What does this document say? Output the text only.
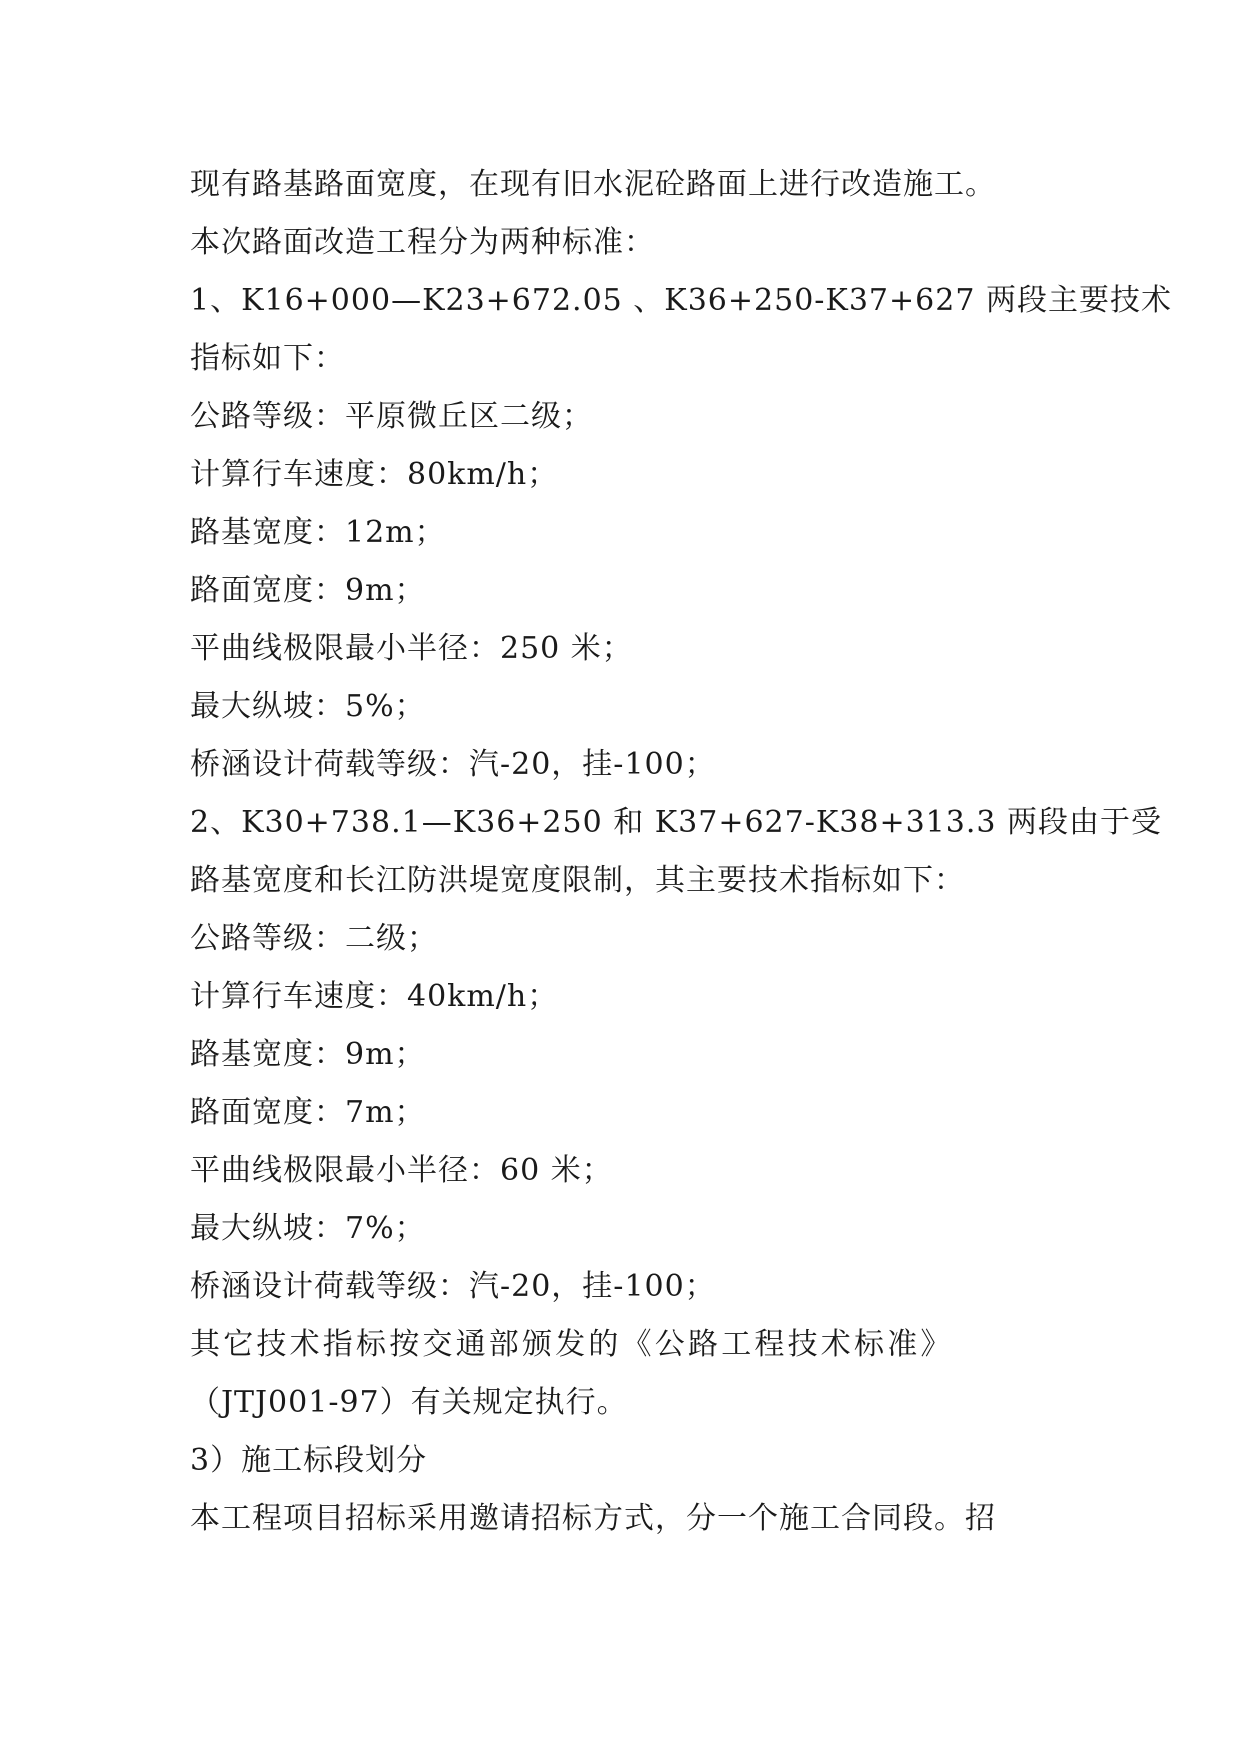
现有路基路面宽度，在现有旧水泥砼路面上进行改造施工。
本次路面改造工程分为两种标准：
1、K16+000—K23+672.05 、K36+250-K37+627 两段主要技术
指标如下：
公路等级：平原微丘区二级；
计算行车速度：80km/h；
路基宽度：12m；
路面宽度：9m；
平曲线极限最小半径：250 米；
最大纵坡：5%；
桥涵设计荷载等级：汽-20，挂-100；
2、K30+738.1—K36+250 和 K37+627-K38+313.3 两段由于受
路基宽度和长江防洪堤宽度限制，其主要技术指标如下：
公路等级：二级；
计算行车速度：40km/h；
路基宽度：9m；
路面宽度：7m；
平曲线极限最小半径：60 米；
最大纵坡：7%；
桥涵设计荷载等级：汽-20，挂-100；
其它技术指标按交通部颁发的《公路工程技术标准》
（JTJ001-97）有关规定执行。
3）施工标段划分
本工程项目招标采用邀请招标方式，分一个施工合同段。招
